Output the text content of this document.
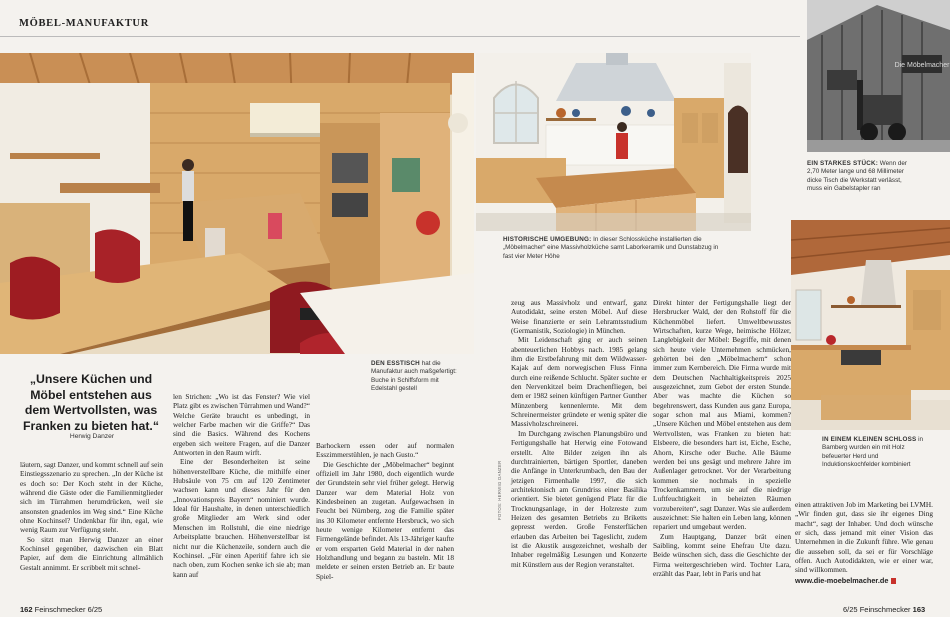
MÖBEL-MANUFAKTUR
Die Möbelmacher
HISTORISCHE UMGEBUNG: In dieser Schlossküche installierten die „Möbelmacher“ eine Massivholzküche samt Laborkeramik und Dunstabzug in fast vier Meter Höhe
DEN ESSTISCH hat die Manufaktur auch maßgefertigt: Buche in Schiffsform mit Edelstahl gestell
EIN STARKES STÜCK: Wenn der 2,70 Meter lange und 68 Millimeter dicke Tisch die Werkstatt verlässt, muss ein Gabelstapler ran
IN EINEM KLEINEN SCHLOSS in Bamberg wurden ein mit Holz befeuerter Herd und Induktionskochfelder kombiniert
„Unsere Küchen und Möbel entstehen aus dem Wertvollsten, was Franken zu bieten hat.“
Herwig Danzer
FOTOS: HERWIG DANZER

läutern, sagt Danzer, und kommt schnell auf sein Einstiegsszenario zu sprechen. „In der Küche ist es doch so: Der Koch steht in der Küche, während die Gäste oder die Familienmitglieder sich im Türrahmen herumdrücken, weil sie ansonsten gnadenlos im Weg sind.“ Eine Küche ohne Kochinsel? Undenkbar für ihn, egal, wie wenig Raum zur Verfügung steht.

So sitzt man Herwig Danzer an einer Kochinsel gegenüber, dazwischen ein Blatt Papier, auf dem die Einrichtung allmählich Gestalt annimmt. Er scribbelt mit schnel-

len Strichen: „Wo ist das Fenster? Wie viel Platz gibt es zwischen Türrahmen und Wand?“ Welche Geräte braucht es unbedingt, in welcher Farbe machen wir die Griffe?“ Das sind die Basics. Während des Kochens ergeben sich weitere Fragen, auf die Danzer Antworten in den Raum wirft.

Eine der Besonderheiten ist seine höhenverstellbare Küche, die mithilfe einer Hubsäule von 75 cm auf 120 Zentimeter wachsen kann und dieses Jahr für den „Innovationspreis Bayern“ nominiert wurde. Ideal für Haushalte, in denen unterschiedlich große Mitglieder am Werk sind oder Menschen im Rollstuhl, die eine niedrige Arbeitsplatte brauchen. Höhenverstellbar ist nicht nur die Küchenzeile, sondern auch die Kochinsel. „Für einen Aperitif fahre ich sie nach oben, zum Kochen senke ich sie ab; man kann auf

Barhockern essen oder auf normalen Esszimmerstühlen, je nach Gusto.“

Die Geschichte der „Möbelmacher“ beginnt offiziell im Jahr 1980, doch eigentlich wurde der Grundstein sehr viel früher gelegt. Herwig Danzer war dem Material Holz von Kindesbeinen an zugetan. Aufgewachsen in Feucht bei Nürnberg, zog die Familie später ins 30 Kilometer entfernte Hersbruck, wo sich heute wenige Kilometer entfernt das Firmengelände befindet. Als 13-Jähriger kaufte er vom ersparten Geld Material in der nahen Holzhandlung und begann zu basteln. Mit 18 meldete er seinen ersten Betrieb an. Er baute Spiel-

zeug aus Massivholz und entwarf, ganz Autodidakt, seine ersten Möbel. Auf diese Weise finanzierte er sein Lehramtsstudium (Germanistik, Soziologie) in München.

Mit Leidenschaft ging er auch seinen abenteuerlichen Hobbys nach. 1985 gelang ihm die Erstbefahrung mit dem Wildwasser-Kajak auf dem norwegischen Fluss Finna durch eine reißende Schlucht. Später suchte er den Nervenkitzel beim Drachenfliegen, bei dem er 1982 seinen künftigen Partner Gunther Münzenberg kennenlernte. Mit dem Schreinermeister gründete er wenig später die Massivholzschreinerei.

Im Durchgang zwischen Planungsbüro und Fertigungshalle hat Herwig eine Fotowand erstellt. Alte Bilder zeigen ihn als durchtrainierten, bärtigen Sportler, daneben die Anfänge in Unterkrumbach, den Bau der jetzigen Firmenhalle 1997, die sich architektonisch am Grundriss einer Basilika orientiert. Sie bietet genügend Platz für die Trocknungsanlage, in der Holzreste zum Heizen des gesamten Betriebs zu Briketts gepresst werden. Große Fensterflächen erlauben das Arbeiten bei Tageslicht, zudem ist die Akustik ausgezeichnet, weshalb der Inhaber regelmäßig Lesungen und Konzerte mit Künstlern aus der Region veranstaltet.

Direkt hinter der Fertigungshalle liegt der Hersbrucker Wald, der den Rohstoff für die Küchenmöbel liefert. Umweltbewusstes Wirtschaften, kurze Wege, heimische Hölzer, Langlebigkeit der Möbel: Begriffe, mit denen sich heute viele Unternehmen schmücken, gehörten bei den „Möbelmachern“ schon immer zum Kernbereich. Die Firma wurde mit dem Deutschen Nachhaltigkeitspreis 2025 ausgezeichnet, zum Gebot der ersten Stunde. Aber was machte die Küchen so begehrenswert, dass Kunden aus ganz Europa, sogar schon mal aus Miami, kommen? „Unsere Küchen und Möbel entstehen aus dem Wertvollsten, was Franken zu bieten hat: Elsbeere, die besonders hart ist, Eiche, Esche, Ahorn, Kirsche oder Buche. Alle Bäume werden bei uns gesägt und mehrere Jahre im Außenlager getrocknet. Vor der Verarbeitung kommen sie nochmals in spezielle Trockenkammern, um sie auf die niedrige Luftfeuchtigkeit in beheizten Räumen vorzubereiten“, sagt Danzer. Was sie außerdem auszeichnet: Sie halten ein Leben lang, können repariert und umgebaut werden.

Zum Hauptgang, Danzer brät einen Saibling, kommt seine Ehefrau Ute dazu. Beide wünschen sich, dass die Geschichte der Firma weitergeschrieben wird. Tochter Lara, erzählt das Paar, lebt in Paris und hat

einen attraktiven Job im Marketing bei LVMH. „Wir finden gut, dass sie ihr eigenes Ding macht“, sagt der Inhaber. Und doch wünsche er sich, dass jemand mit einer Vision das Unternehmen in die Zukunft führe. Wie genau die aussehen soll, da sei er für Vorschläge offen. Auch Autodidakten, wie er einer war, sind willkommen.

www.die-moebelmacher.de

162 Feinschmecker 6/25	6/25 Feinschmecker 163
